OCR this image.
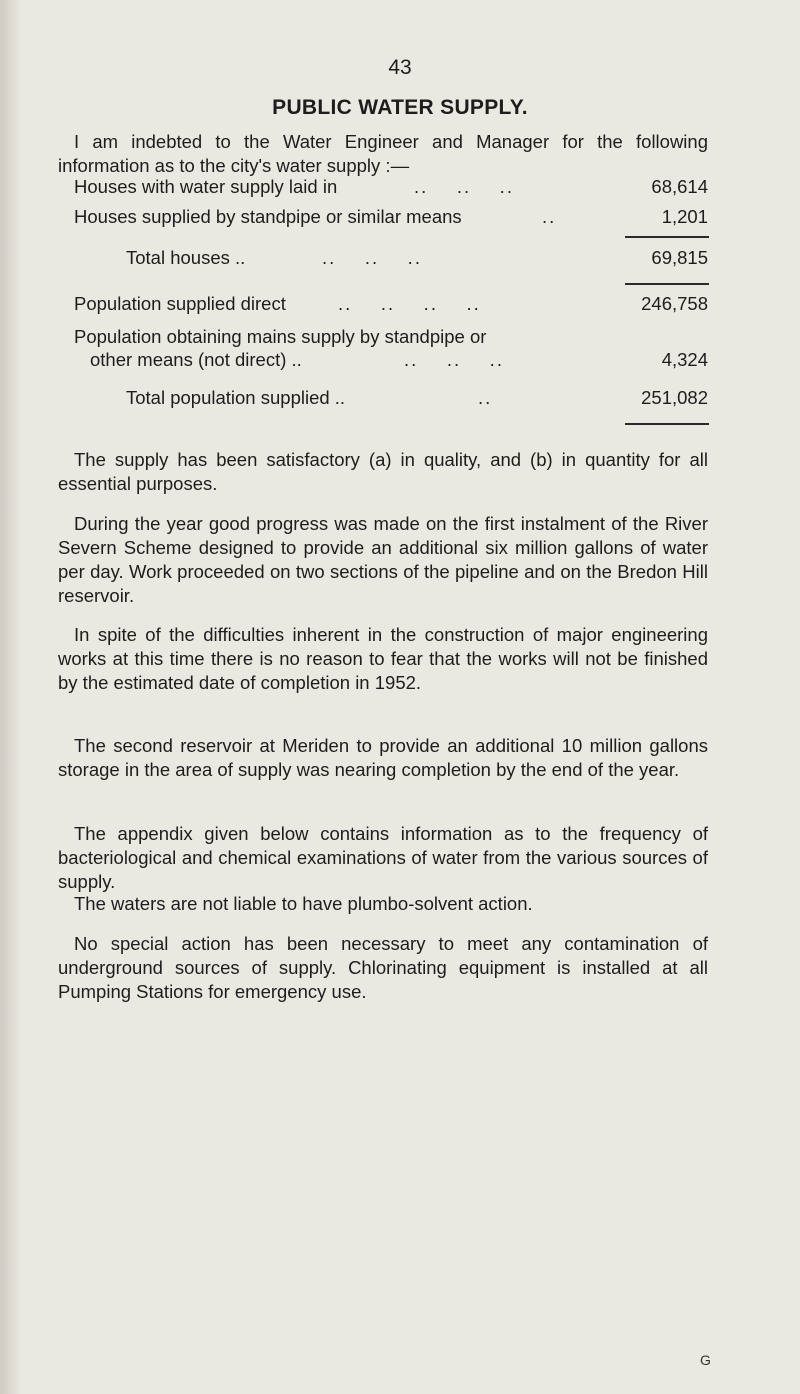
43
PUBLIC WATER SUPPLY.

I am indebted to the Water Engineer and Manager for the following information as to the city's water supply :—

Houses with water supply laid in	..    ..    ..	68,614
Houses supplied by standpipe or similar means	..	1,201
Total houses ..	..    ..    ..	69,815
Population supplied direct	..    ..    ..    ..	246,758
Population obtaining mains supply by standpipe or
other means (not direct) ..	..    ..    ..	4,324
Total population supplied ..	..	251,082

The supply has been satisfactory (a) in quality, and (b) in quantity for all essential purposes.

During the year good progress was made on the first instalment of the River Severn Scheme designed to provide an additional six million gallons of water per day. Work proceeded on two sections of the pipeline and on the Bredon Hill reservoir.

In spite of the difficulties inherent in the construction of major engineering works at this time there is no reason to fear that the works will not be finished by the estimated date of completion in 1952.

The second reservoir at Meriden to provide an additional 10 million gallons storage in the area of supply was nearing completion by the end of the year.

The appendix given below contains information as to the frequency of bacteriological and chemical examinations of water from the various sources of supply.

The waters are not liable to have plumbo-solvent action.

No special action has been necessary to meet any contamination of underground sources of supply. Chlorinating equipment is installed at all Pumping Stations for emergency use.

G
